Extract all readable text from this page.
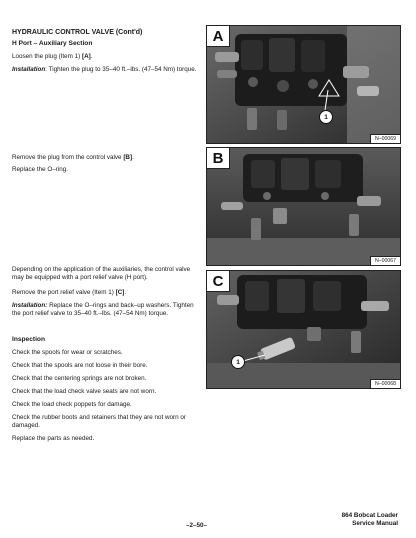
HYDRAULIC CONTROL VALVE (Cont'd)
H Port – Auxiliary Section
Loosen the plug (Item 1) [A].
Installation: Tighten the plug to 35–40 ft.–lbs. (47–54 Nm) torque.
Remove the plug from the control valve [B].
Replace the O–ring.
Depending on the application of the auxiliaries, the control valve may be equipped with a port relief valve (H port).
Remove the port relief valve (Item 1) [C].
Installation: Replace the O–rings and back–up washers. Tighten the port relief valve to 35–40 ft.–lbs. (47–54 Nm) torque.
Inspection
Check the spools for wear or scratches.
Check that the spools are not loose in their bore.
Check that the centering springs are not broken.
Check that the load check valve seats are not worn.
Check the load check poppets for damage.
Check the rubber boots and retainers that they are not worn or damaged.
Replace the parts as needed.
A
1
N–00069
B
N–00067
C
1
N–00068
–2–50–
864 Bobcat Loader
Service Manual
